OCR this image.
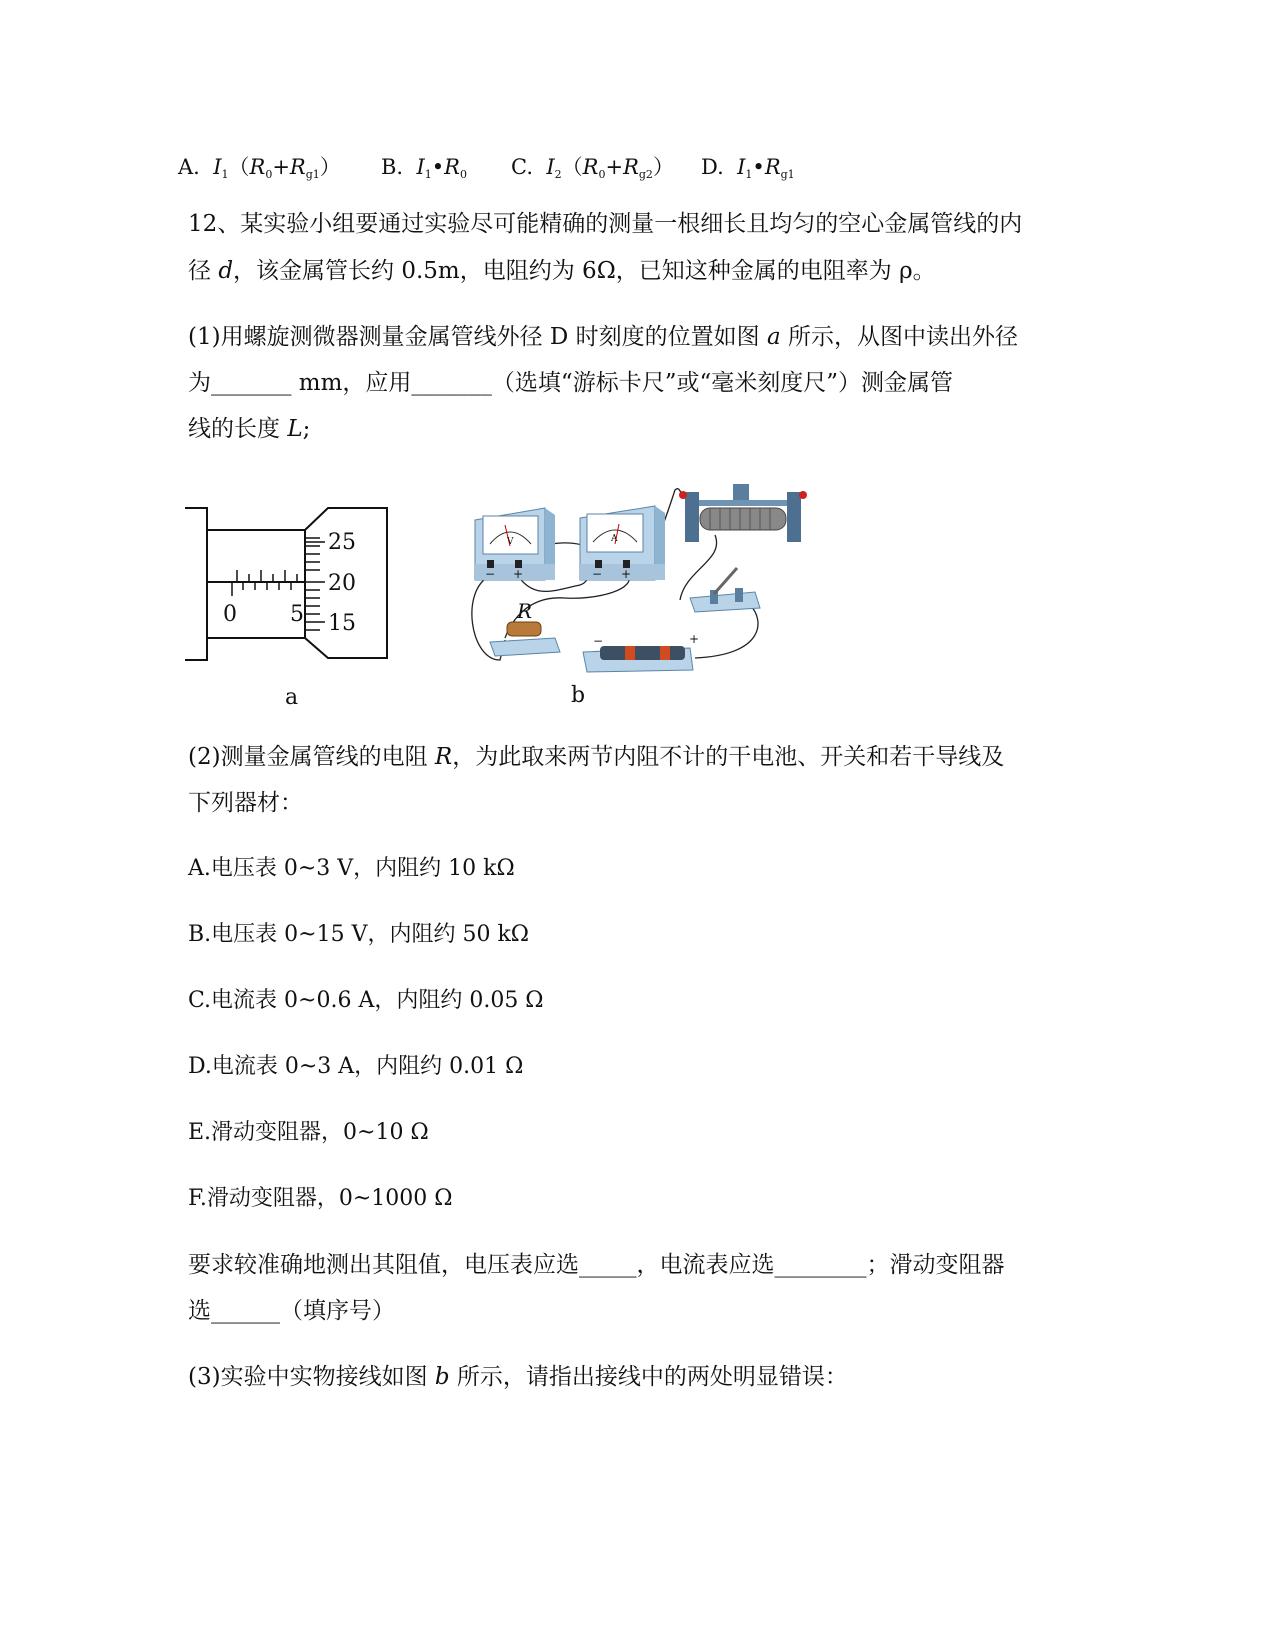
A. $I_1(R_0+R_{g1})$ B. $I_1•R_0$ C. $I_2(R_0+R_{g2})$ D. $I_1•R_{g1}$
12、某实验小组要通过实验尽可能精确的测量一根细长且均匀的空心金属管线的内
径 d，该金属管长约 0.5m，电阻约为 6Ω，已知这种金属的电阻率为 ρ。
(1)用螺旋测微器测量金属管线外径 D 时刻度的位置如图 a 所示，从图中读出外径
为_______ mm，应用_______（选填“游标卡尺”或“毫米刻度尺”）测金属管
线的长度 L;
25
20
15
0 5
a
V
− +
A
− +
R
−	+
b
(2)测量金属管线的电阻 R，为此取来两节内阻不计的干电池、开关和若干导线及
下列器材：
A.电压表 0~3 V，内阻约 10 kΩ
B.电压表 0~15 V，内阻约 50 kΩ
C.电流表 0~0.6 A，内阻约 0.05 Ω
D.电流表 0~3 A，内阻约 0.01 Ω
E.滑动变阻器，0~10 Ω
F.滑动变阻器，0~1000 Ω
要求较准确地测出其阻值，电压表应选_____，电流表应选________；滑动变阻器
选______（填序号）
(3)实验中实物接线如图 b 所示，请指出接线中的两处明显错误：
